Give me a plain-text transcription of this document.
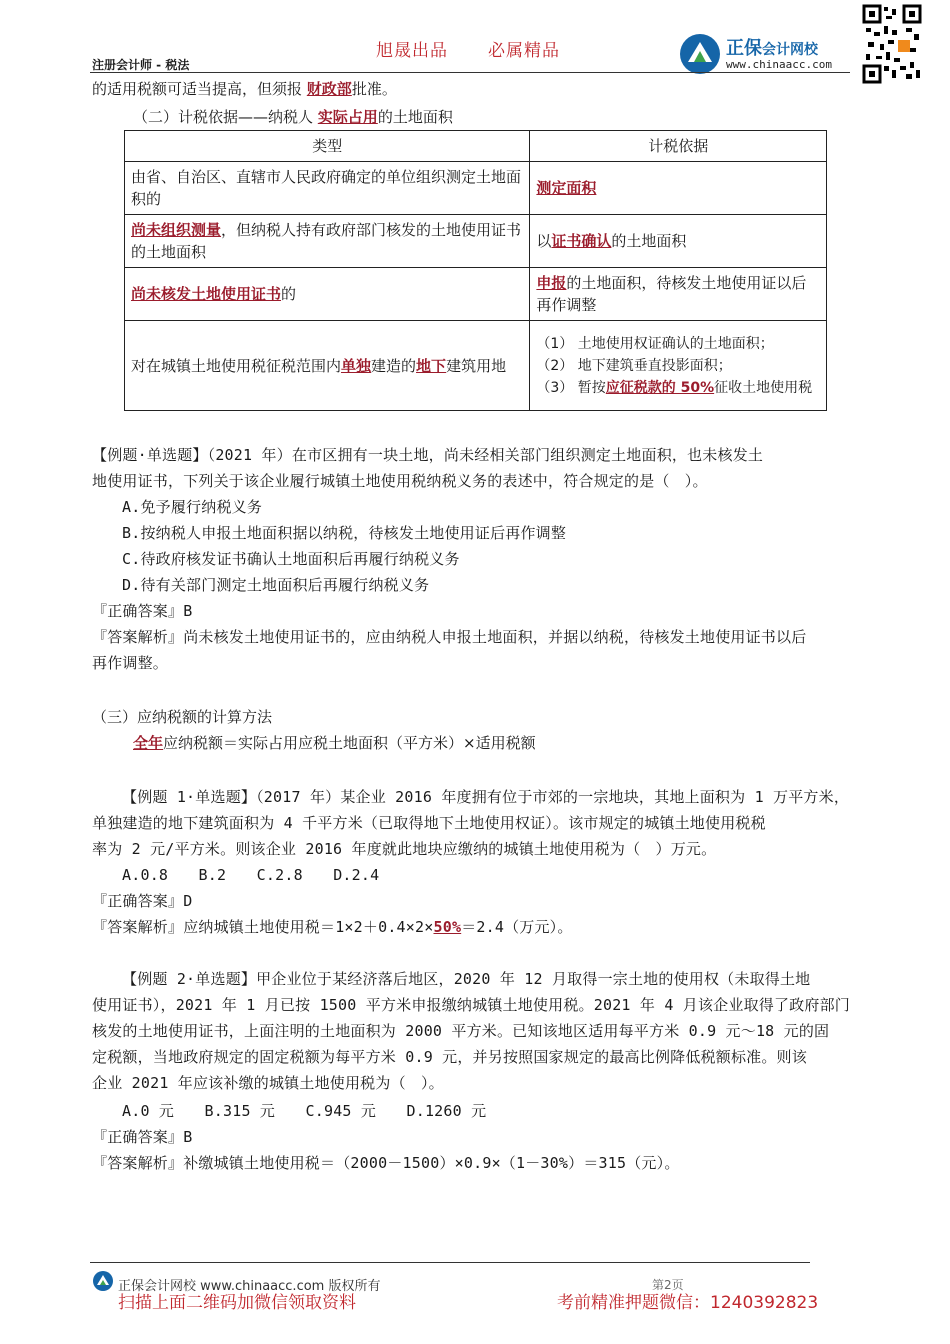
旭晟出品 必属精品
注册会计师 - 税法
正保会计网校
www.chinaacc.com

的适用税额可适当提高，但须报 财政部批准。

（二）计税依据——纳税人 实际占用的土地面积

类型	计税依据
由省、自治区、直辖市人民政府确定的单位组织测定土地面积的	测定面积
尚未组织测量，但纳税人持有政府部门核发的土地使用证书的土地面积	以证书确认的土地面积
尚未核发土地使用证书的	申报的土地面积，待核发土地使用证以后再作调整
对在城镇土地使用税征税范围内单独建造的地下建筑用地	（1） 土地使用权证确认的土地面积；
（2） 地下建筑垂直投影面积；
（3） 暂按应征税款的 50%征收土地使用税

【例题·单选题】（2021 年）在市区拥有一块土地，尚未经相关部门组织测定土地面积，也未核发土

地使用证书，下列关于该企业履行城镇土地使用税纳税义务的表述中，符合规定的是（　）。

A.免予履行纳税义务

B.按纳税人申报土地面积据以纳税，待核发土地使用证后再作调整

C.待政府核发证书确认土地面积后再履行纳税义务

D.待有关部门测定土地面积后再履行纳税义务

『正确答案』B

『答案解析』尚未核发土地使用证书的，应由纳税人申报土地面积，并据以纳税，待核发土地使用证书以后

再作调整。

（三）应纳税额的计算方法

全年应纳税额＝实际占用应税土地面积（平方米）×适用税额

【例题 1·单选题】（2017 年）某企业 2016 年度拥有位于市郊的一宗地块，其地上面积为 1 万平方米，

单独建造的地下建筑面积为 4 千平方米（已取得地下土地使用权证）。该市规定的城镇土地使用税税

率为 2 元/平方米。则该企业 2016 年度就此地块应缴纳的城镇土地使用税为（　）万元。

A.0.8　　B.2　　C.2.8　　D.2.4

『正确答案』D

『答案解析』应纳城镇土地使用税＝1×2＋0.4×2×50%＝2.4（万元）。

【例题 2·单选题】甲企业位于某经济落后地区，2020 年 12 月取得一宗土地的使用权（未取得土地

使用证书），2021 年 1 月已按 1500 平方米申报缴纳城镇土地使用税。2021 年 4 月该企业取得了政府部门

核发的土地使用证书，上面注明的土地面积为 2000 平方米。已知该地区适用每平方米 0.9 元～18 元的固

定税额，当地政府规定的固定税额为每平方米 0.9 元，并另按照国家规定的最高比例降低税额标准。则该

企业 2021 年应该补缴的城镇土地使用税为（　）。

A.0 元　　B.315 元　　C.945 元　　D.1260 元

『正确答案』B

『答案解析』补缴城镇土地使用税＝（2000－1500）×0.9×（1－30%）＝315（元）。

正保会计网校 www.chinaacc.com 版权所有	第2页
扫描上面二维码加微信领取资料	考前精准押题微信：1240392823
